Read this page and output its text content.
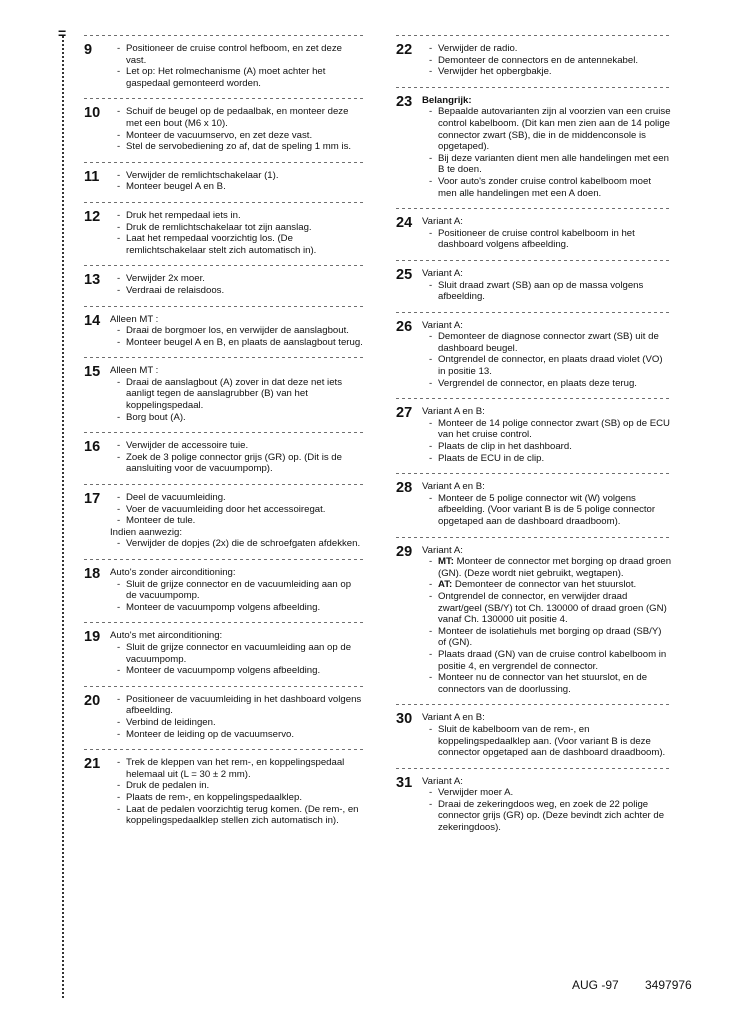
=
9	- Positioneer de cruise control hefboom, en zet deze vast.
- Let op: Het rolmechanisme (A) moet achter het gaspedaal gemonteerd worden.
10	- Schuif de beugel op de pedaalbak, en monteer deze met een bout (M6 x 10).
- Monteer de vacuumservo, en zet deze vast.
- Stel de servobediening zo af, dat de speling 1 mm is.
11	- Verwijder de remlichtschakelaar (1).
- Monteer beugel A en B.
12	- Druk het rempedaal iets in.
- Druk de remlichtschakelaar tot zijn aanslag.
- Laat het rempedaal voorzichtig los. (De remlichtschakelaar stelt zich automatisch in).
13	- Verwijder 2x moer.
- Verdraai de relaisdoos.
14	Alleen MT :
- Draai de borgmoer los, en verwijder de aanslagbout.
- Monteer beugel A en B, en plaats de aanslagbout terug.
15	Alleen MT :
- Draai de aanslagbout (A) zover in dat deze net iets aanligt tegen de aanslagrubber (B) van het koppelingspedaal.
- Borg bout (A).
16	- Verwijder de accessoire tuie.
- Zoek de 3 polige connector grijs (GR) op. (Dit is de aansluiting voor de vacuumpomp).
17	- Deel de vacuumleiding.
- Voer de vacuumleiding door het accessoiregat.
- Monteer de tule.
Indien aanwezig:
- Verwijder de dopjes (2x) die de schroefgaten afdekken.
18	Auto's zonder airconditioning:
- Sluit de grijze connector en de vacuumleiding aan op de vacuumpomp.
- Monteer de vacuumpomp volgens afbeelding.
19	Auto's met airconditioning:
- Sluit de grijze connector en vacuumleiding aan op de vacuumpomp.
- Monteer de vacuumpomp volgens afbeelding.
20	- Positioneer de vacuumleiding in het dashboard volgens afbeelding.
- Verbind de leidingen.
- Monteer de leiding op de vacuumservo.
21	- Trek de kleppen van het rem-, en koppelingspedaal helemaal uit (L = 30 ± 2 mm).
- Druk de pedalen in.
- Plaats de rem-, en koppelingspedaalklep.
- Laat de pedalen voorzichtig terug komen. (De rem-, en koppelingspedaalklep stellen zich automatisch in).
22	- Verwijder de radio.
- Demonteer de connectors en de antennekabel.
- Verwijder het opbergbakje.
23	Belangrijk:
- Bepaalde autovarianten zijn al voorzien van een cruise control kabelboom. (Dit kan men zien aan de 14 polige connector zwart (SB), die in de middenconsole is opgetaped).
- Bij deze varianten dient men alle handelingen met een B te doen.
- Voor auto's zonder cruise control kabelboom moet men alle handelingen met een A doen.
24	Variant A:
- Positioneer de cruise control kabelboom in het dashboard volgens afbeelding.
25	Variant A:
- Sluit draad zwart (SB) aan op de massa volgens afbeelding.
26	Variant A:
- Demonteer de diagnose connector zwart (SB) uit de dashboard beugel.
- Ontgrendel de connector, en plaats draad violet (VO) in positie 13.
- Vergrendel de connector, en plaats deze terug.
27	Variant A en B:
- Monteer de 14 polige connector zwart (SB) op de ECU van het cruise control.
- Plaats de clip in het dashboard.
- Plaats de ECU in de clip.
28	Variant A en B:
- Monteer de 5 polige connector wit (W) volgens afbeelding. (Voor variant B is de 5 polige connector opgetaped aan de dashboard draadboom).
29	Variant A:
- MT: Monteer de connector met borging op draad groen (GN). (Deze wordt niet gebruikt, wegtapen).
- AT: Demonteer de connector van het stuurslot.
- Ontgrendel de connector, en verwijder draad zwart/geel (SB/Y) tot Ch. 130000 of draad groen (GN) vanaf Ch. 130000 uit positie 4.
- Monteer de isolatiehuls met borging op draad (SB/Y) of (GN).
- Plaats draad (GN) van de cruise control kabelboom in positie 4, en vergrendel de connector.
- Monteer nu de connector van het stuurslot, en de connectors van de doorlussing.
30	Variant A en B:
- Sluit de kabelboom van de rem-, en koppelingspedaalklep aan. (Voor variant B is deze connector opgetaped aan de dashboard draadboom).
31	Variant A:
- Verwijder moer A.
- Draai de zekeringdoos weg, en zoek de 22 polige connector grijs (GR) op. (Deze bevindt zich achter de zekeringdoos).
AUG -97 3497976
